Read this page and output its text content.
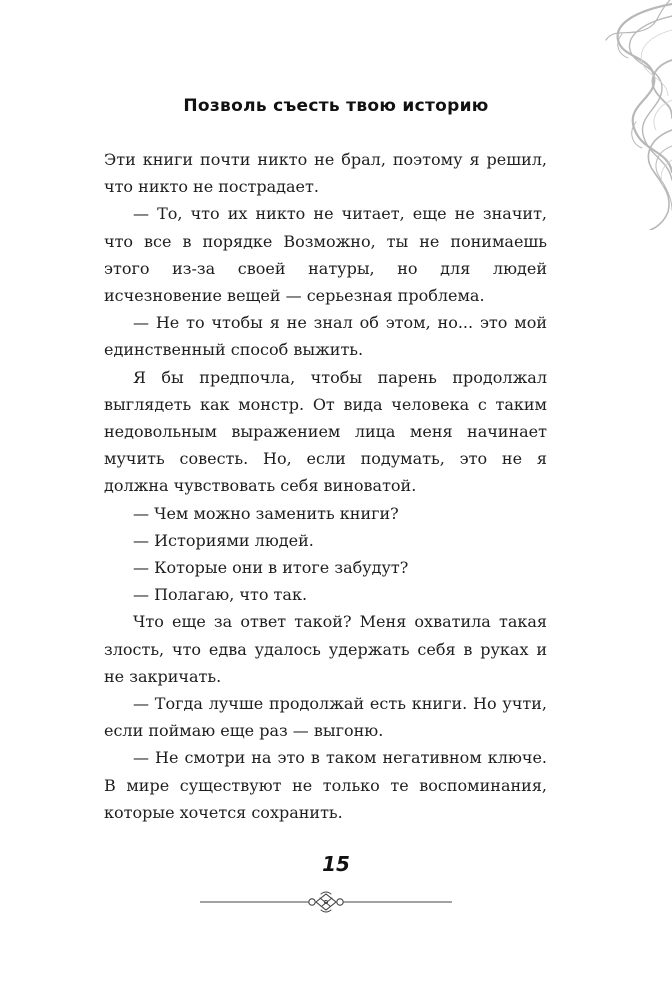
Позволь съесть твою историю

Эти книги почти никто не брал, поэтому я решил, что никто не пострадает.

— То, что их никто не читает, еще не значит, что все в порядке Возможно, ты не понимаешь этого из-за своей натуры, но для людей исчезновение вещей — серьезная проблема.

— Не то чтобы я не знал об этом, но... это мой единственный способ выжить.

Я бы предпочла, чтобы парень продолжал выглядеть как монстр. От вида человека с таким недовольным выражением лица меня начинает мучить совесть. Но, если подумать, это не я должна чувствовать себя виноватой.

— Чем можно заменить книги?

— Историями людей.

— Которые они в итоге забудут?

— Полагаю, что так.

Что еще за ответ такой? Меня охватила такая злость, что едва удалось удержать себя в руках и не закричать.

— Тогда лучше продолжай есть книги. Но учти, если поймаю еще раз — выгоню.

— Не смотри на это в таком негативном ключе. В мире существуют не только те воспоминания, которые хочется сохранить.

15
